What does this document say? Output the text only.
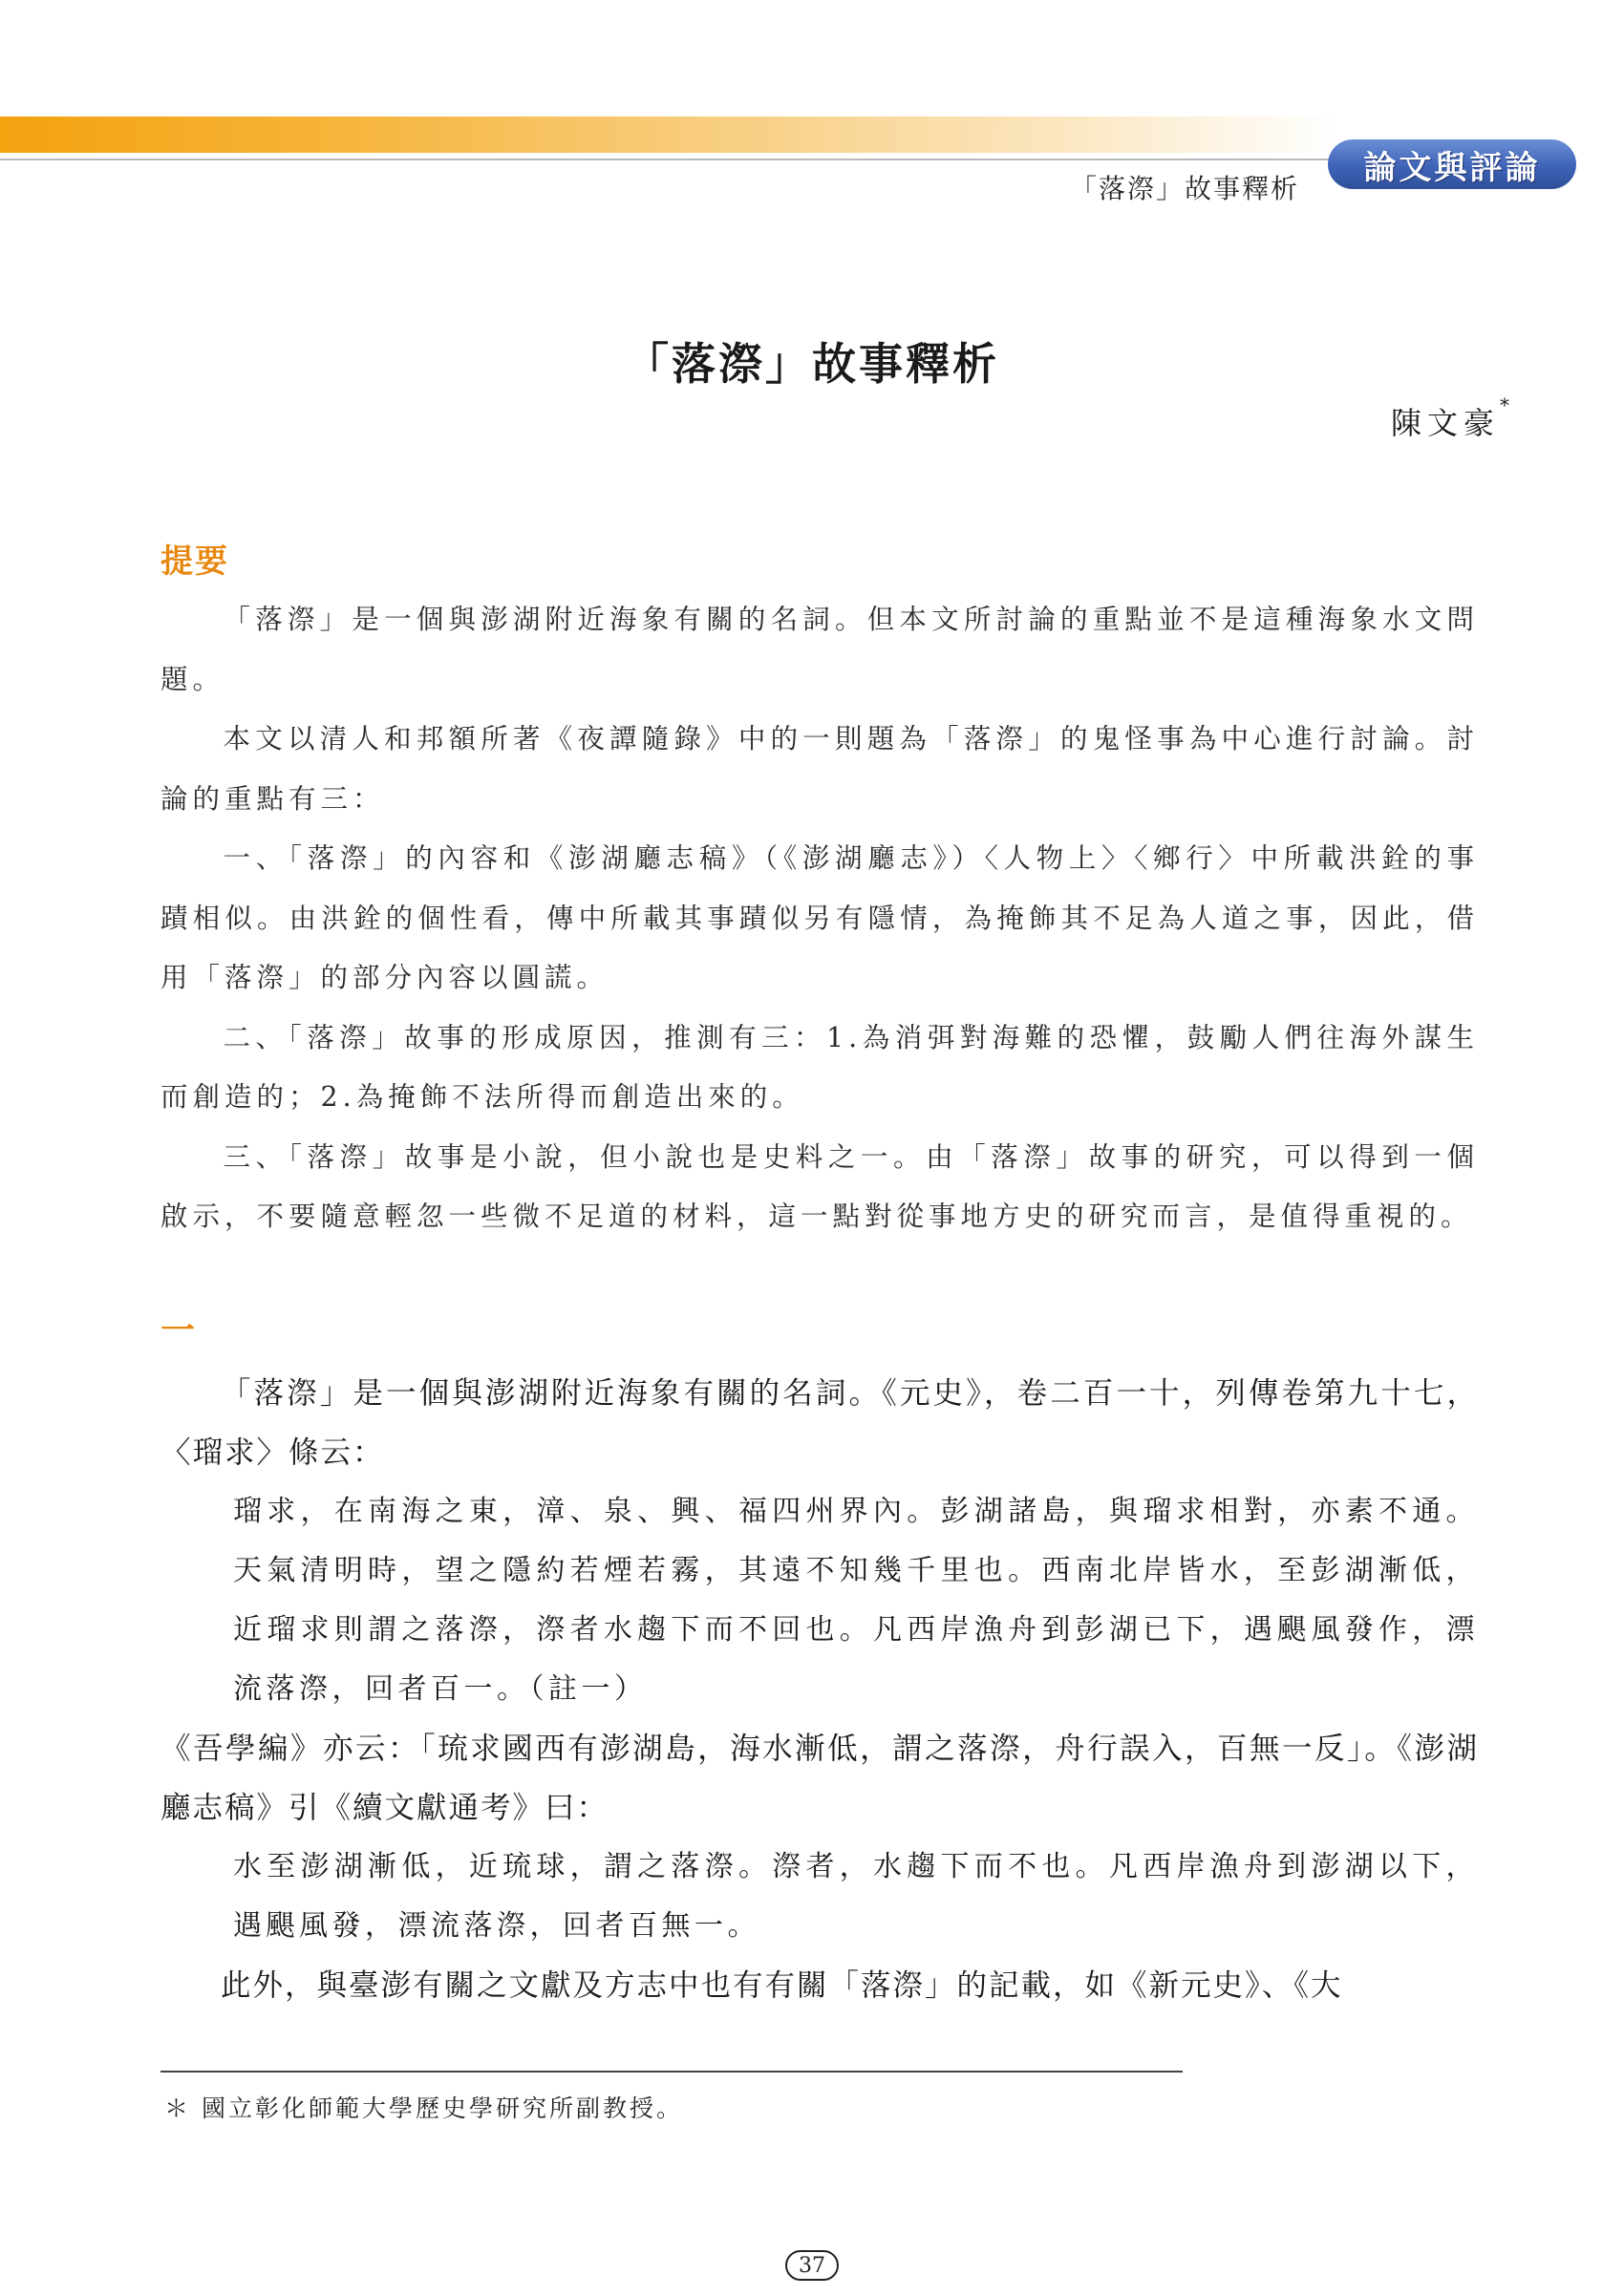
「落漈」故事釋析
論文與評論
「落漈」故事釋析
陳文豪*
提要

「落漈」是一個與澎湖附近海象有關的名詞。但本文所討論的重點並不是這種海象水文問題。

本文以清人和邦額所著《夜譚隨錄》中的一則題為「落漈」的鬼怪事為中心進行討論。討論的重點有三：

一、「落漈」的內容和《澎湖廳志稿》（《澎湖廳志》）〈人物上〉〈鄉行〉中所載洪銓的事蹟相似。由洪銓的個性看，傳中所載其事蹟似另有隱情，為掩飾其不足為人道之事，因此，借用「落漈」的部分內容以圓謊。

二、「落漈」故事的形成原因，推測有三：1.為消弭對海難的恐懼，鼓勵人們往海外謀生而創造的；2.為掩飾不法所得而創造出來的。

三、「落漈」故事是小說，但小說也是史料之一。由「落漈」故事的研究，可以得到一個啟示，不要隨意輕忽一些微不足道的材料，這一點對從事地方史的研究而言，是值得重視的。

一

「落漈」是一個與澎湖附近海象有關的名詞。《元史》，卷二百一十，列傳卷第九十七，〈瑠求〉條云：

瑠求，在南海之東，漳、泉、興、福四州界內。彭湖諸島，與瑠求相對，亦素不通。天氣清明時，望之隱約若煙若霧，其遠不知幾千里也。西南北岸皆水，至彭湖漸低，近瑠求則謂之落漈，漈者水趨下而不回也。凡西岸漁舟到彭湖已下，遇颶風發作，漂流落漈，回者百一。（註一）

《吾學編》亦云：「琉求國西有澎湖島，海水漸低，謂之落漈，舟行誤入，百無一反」。《澎湖廳志稿》引《續文獻通考》曰：

水至澎湖漸低，近琉球，謂之落漈。漈者，水趨下而不也。凡西岸漁舟到澎湖以下，遇颶風發，漂流落漈，回者百無一。

此外，與臺澎有關之文獻及方志中也有有關「落漈」的記載，如《新元史》、《大

＊ 國立彰化師範大學歷史學研究所副教授。
37
